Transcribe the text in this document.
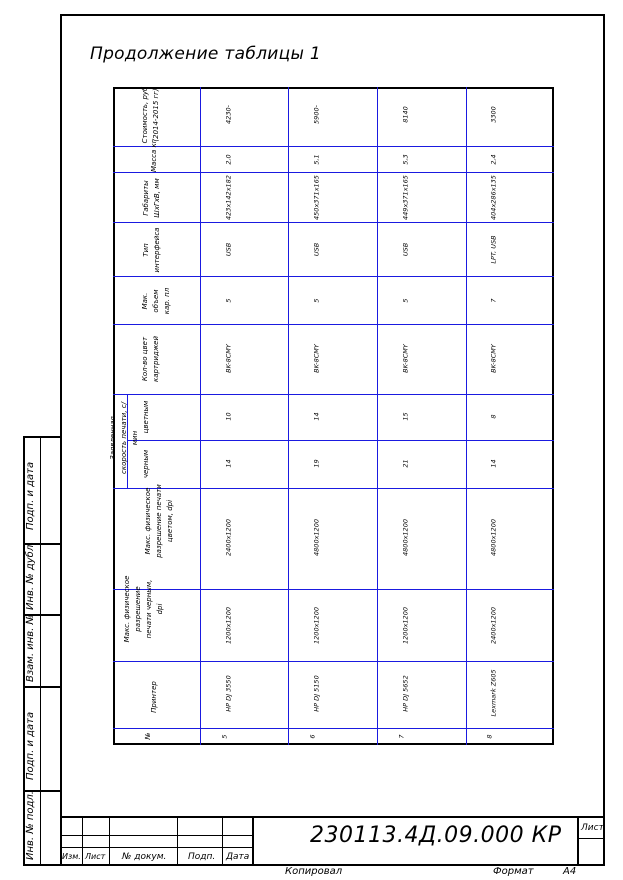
Инв. № подл.
Подп. и дата
Взам. инв. №
Инв. № дубл.
Подп. и дата
Продолжение таблицы 1
№
Принтер
Макс. физическое разрешение печати черным, dpi
Макс. физическое разрешение печати цветом, dpi
Заявленная скорость печати, с/мин
черным
цветным
Кол-во цвет картриджей
Мак. объем кар. пл
Тип интерфейса
Габариты ШхГхВ, мм
Масса кг
Стоимость, руб (2014-2015 гг)
5
HP DJ 3550
1200x1200
2400x1200
14
10
BK-8CMY
5
USB
423x142x182
2,0
4230-
6
HP DJ 5150
1200x1200
4800x1200
19
14
BK-8CMY
5
USB
450x371x165
5,1
5900-
7
HP DJ 5652
1200x1200
4800x1200
21
15
BK-8CMY
5
USB
449x371x165
5,3
8140
8
Lexmark Z605
2400x1200
4800x1200
14
8
BK-8CMY
7
LPT, USB
404x286x135
2,4
3300
Изм. Лист № докум. Подп. Дата
Лист
230113.4Д.09.000 КР
Копировал	Формат	А4
